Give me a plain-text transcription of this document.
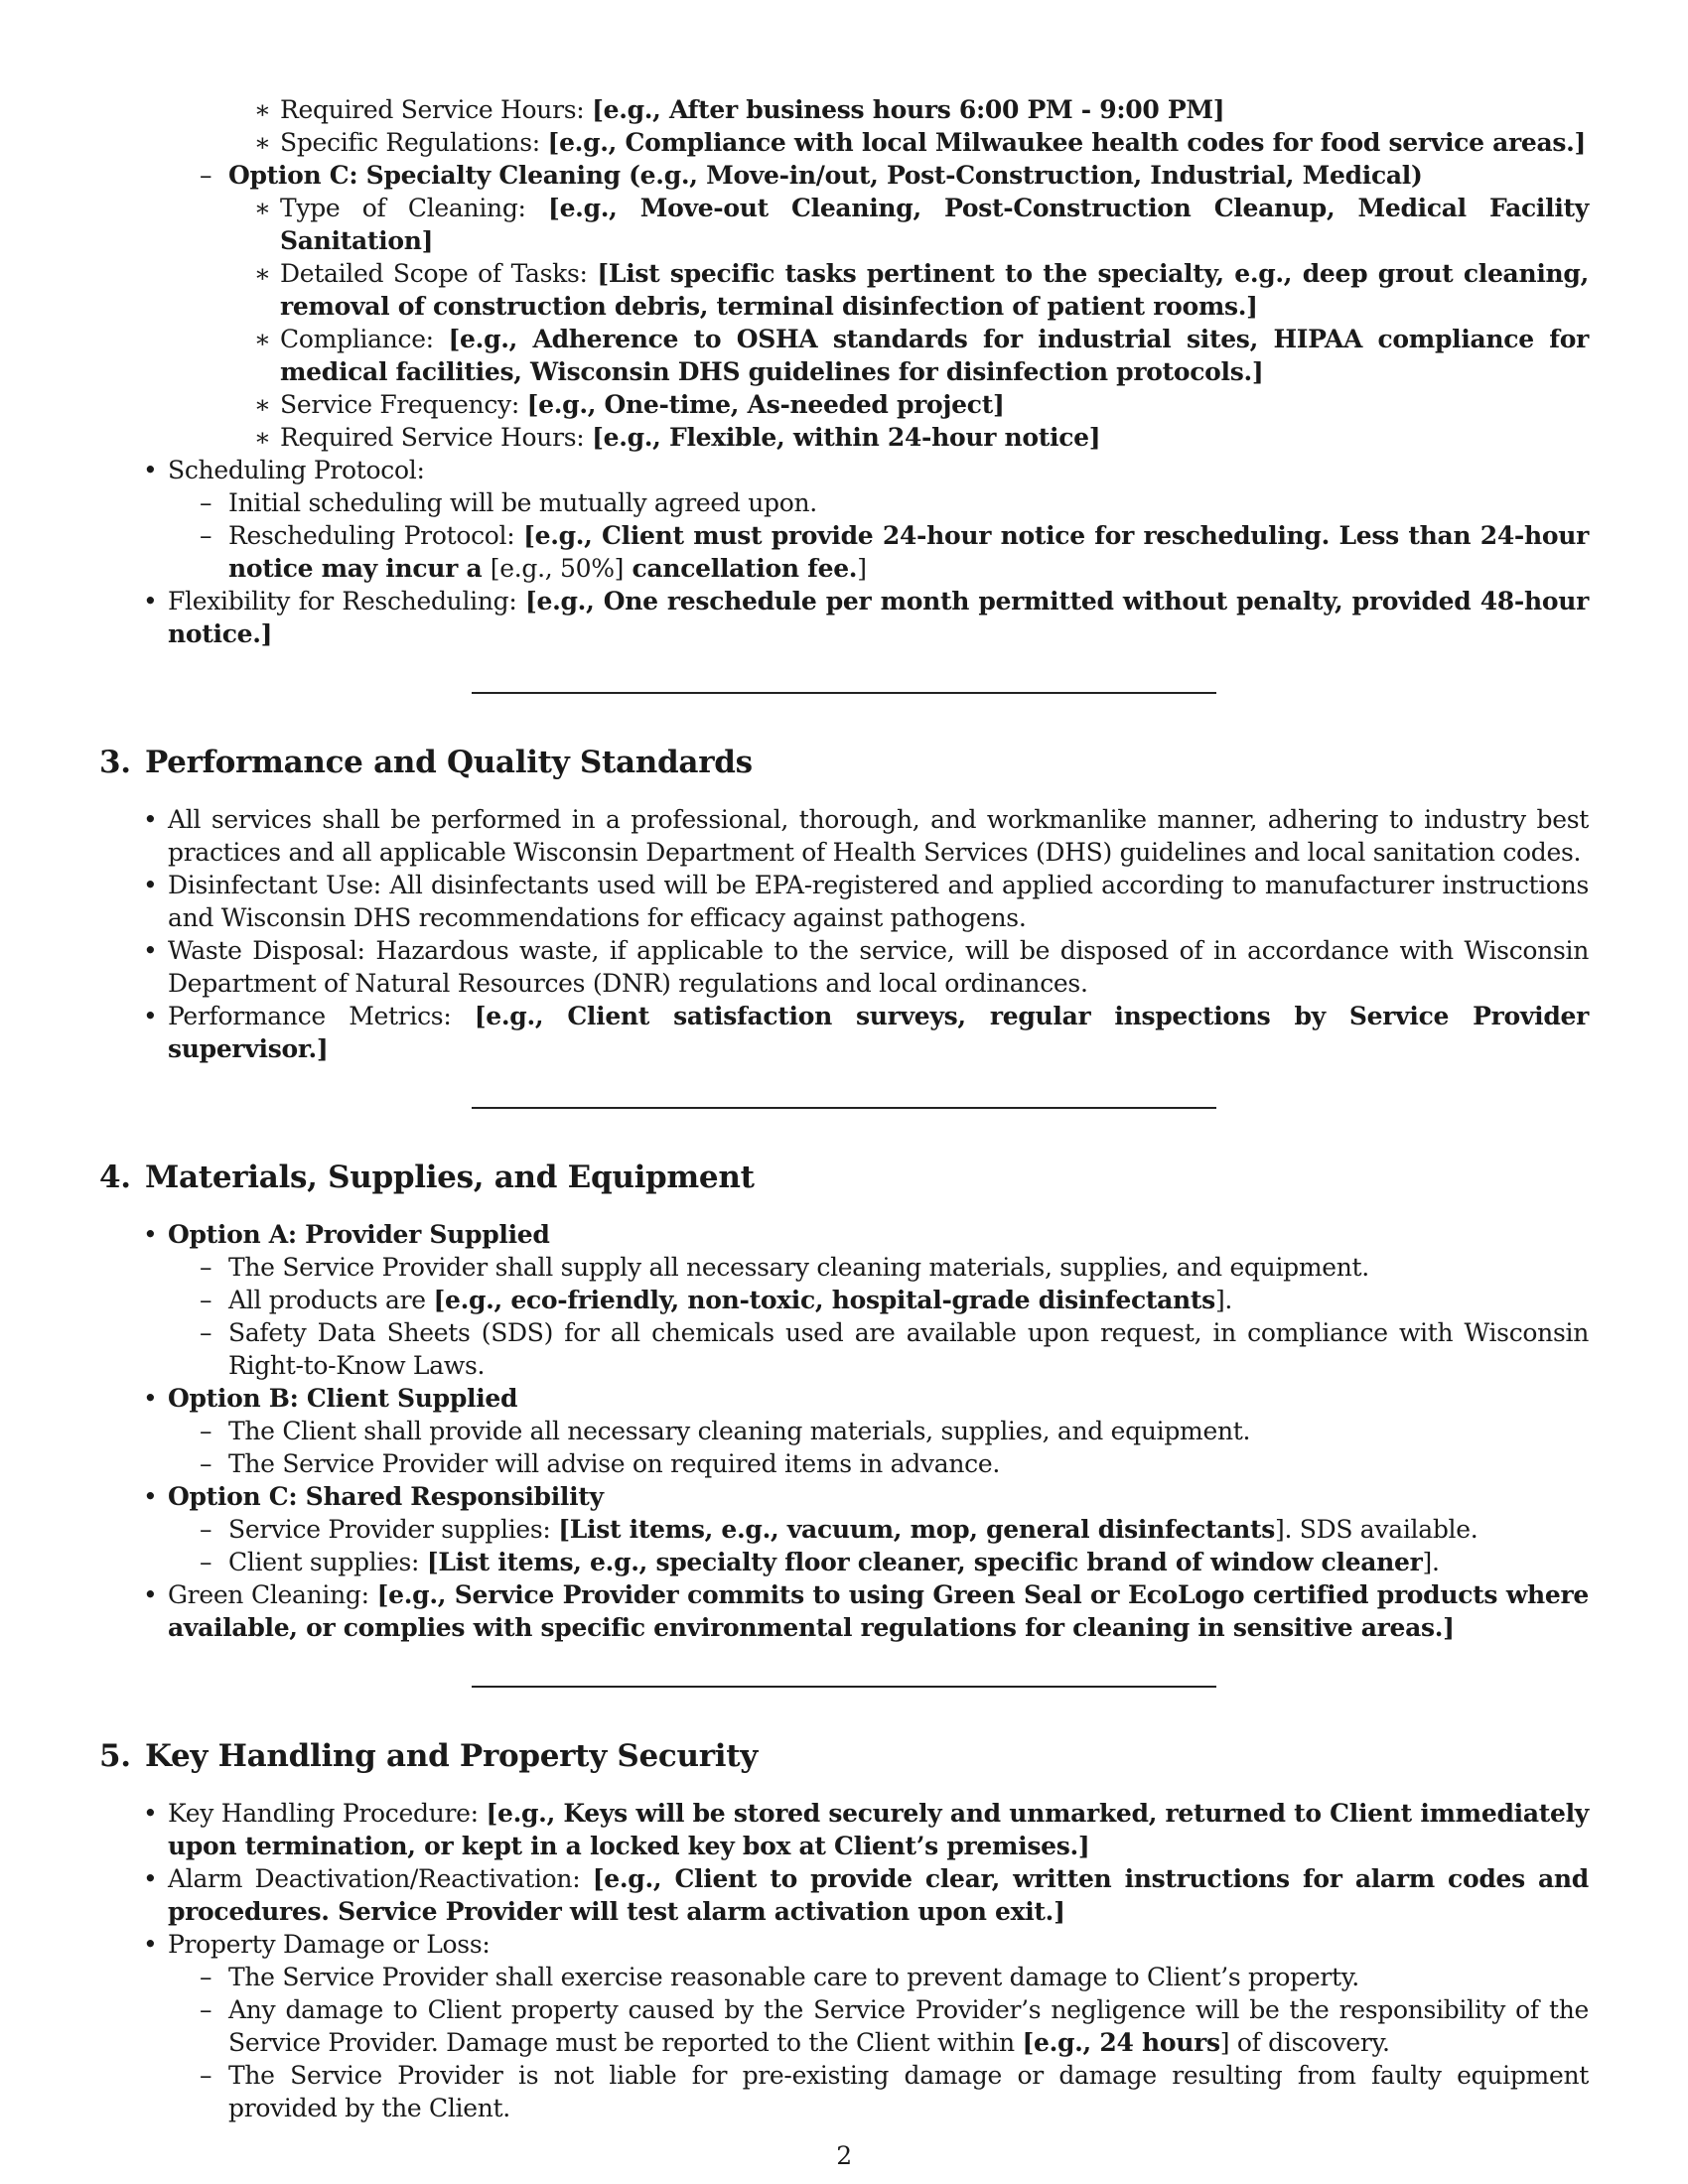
∗ Required Service Hours: [e.g., After business hours 6:00 PM - 9:00 PM]
∗ Specific Regulations: [e.g., Compliance with local Milwaukee health codes for food service areas.]
– Option C: Specialty Cleaning (e.g., Move-in/out, Post-Construction, Industrial, Medical)
∗ Type of Cleaning: [e.g., Move-out Cleaning, Post-Construction Cleanup, Medical Facility Sanitation]
∗ Detailed Scope of Tasks: [List specific tasks pertinent to the specialty, e.g., deep grout cleaning, removal of construction debris, terminal disinfection of patient rooms.]
∗ Compliance: [e.g., Adherence to OSHA standards for industrial sites, HIPAA compliance for medical facilities, Wisconsin DHS guidelines for disinfection protocols.]
∗ Service Frequency: [e.g., One-time, As-needed project]
∗ Required Service Hours: [e.g., Flexible, within 24-hour notice]
• Scheduling Protocol:
– Initial scheduling will be mutually agreed upon.
– Rescheduling Protocol: [e.g., Client must provide 24-hour notice for rescheduling. Less than 24-hour notice may incur a [e.g., 50%] cancellation fee.]
• Flexibility for Rescheduling: [e.g., One reschedule per month permitted without penalty, provided 48-hour notice.]
3. Performance and Quality Standards
• All services shall be performed in a professional, thorough, and workmanlike manner, adhering to industry best practices and all applicable Wisconsin Department of Health Services (DHS) guidelines and local sanitation codes.
• Disinfectant Use: All disinfectants used will be EPA-registered and applied according to manufacturer instructions and Wisconsin DHS recommendations for efficacy against pathogens.
• Waste Disposal: Hazardous waste, if applicable to the service, will be disposed of in accordance with Wisconsin Department of Natural Resources (DNR) regulations and local ordinances.
• Performance Metrics: [e.g., Client satisfaction surveys, regular inspections by Service Provider supervisor.]
4. Materials, Supplies, and Equipment
• Option A: Provider Supplied
– The Service Provider shall supply all necessary cleaning materials, supplies, and equipment.
– All products are [e.g., eco-friendly, non-toxic, hospital-grade disinfectants].
– Safety Data Sheets (SDS) for all chemicals used are available upon request, in compliance with Wisconsin Right-to-Know Laws.
• Option B: Client Supplied
– The Client shall provide all necessary cleaning materials, supplies, and equipment.
– The Service Provider will advise on required items in advance.
• Option C: Shared Responsibility
– Service Provider supplies: [List items, e.g., vacuum, mop, general disinfectants]. SDS available.
– Client supplies: [List items, e.g., specialty floor cleaner, specific brand of window cleaner].
• Green Cleaning: [e.g., Service Provider commits to using Green Seal or EcoLogo certified products where available, or complies with specific environmental regulations for cleaning in sensitive areas.]
5. Key Handling and Property Security
• Key Handling Procedure: [e.g., Keys will be stored securely and unmarked, returned to Client immediately upon termination, or kept in a locked key box at Client’s premises.]
• Alarm Deactivation/Reactivation: [e.g., Client to provide clear, written instructions for alarm codes and procedures. Service Provider will test alarm activation upon exit.]
• Property Damage or Loss:
– The Service Provider shall exercise reasonable care to prevent damage to Client’s property.
– Any damage to Client property caused by the Service Provider’s negligence will be the responsibility of the Service Provider. Damage must be reported to the Client within [e.g., 24 hours] of discovery.
– The Service Provider is not liable for pre-existing damage or damage resulting from faulty equipment provided by the Client.
2
